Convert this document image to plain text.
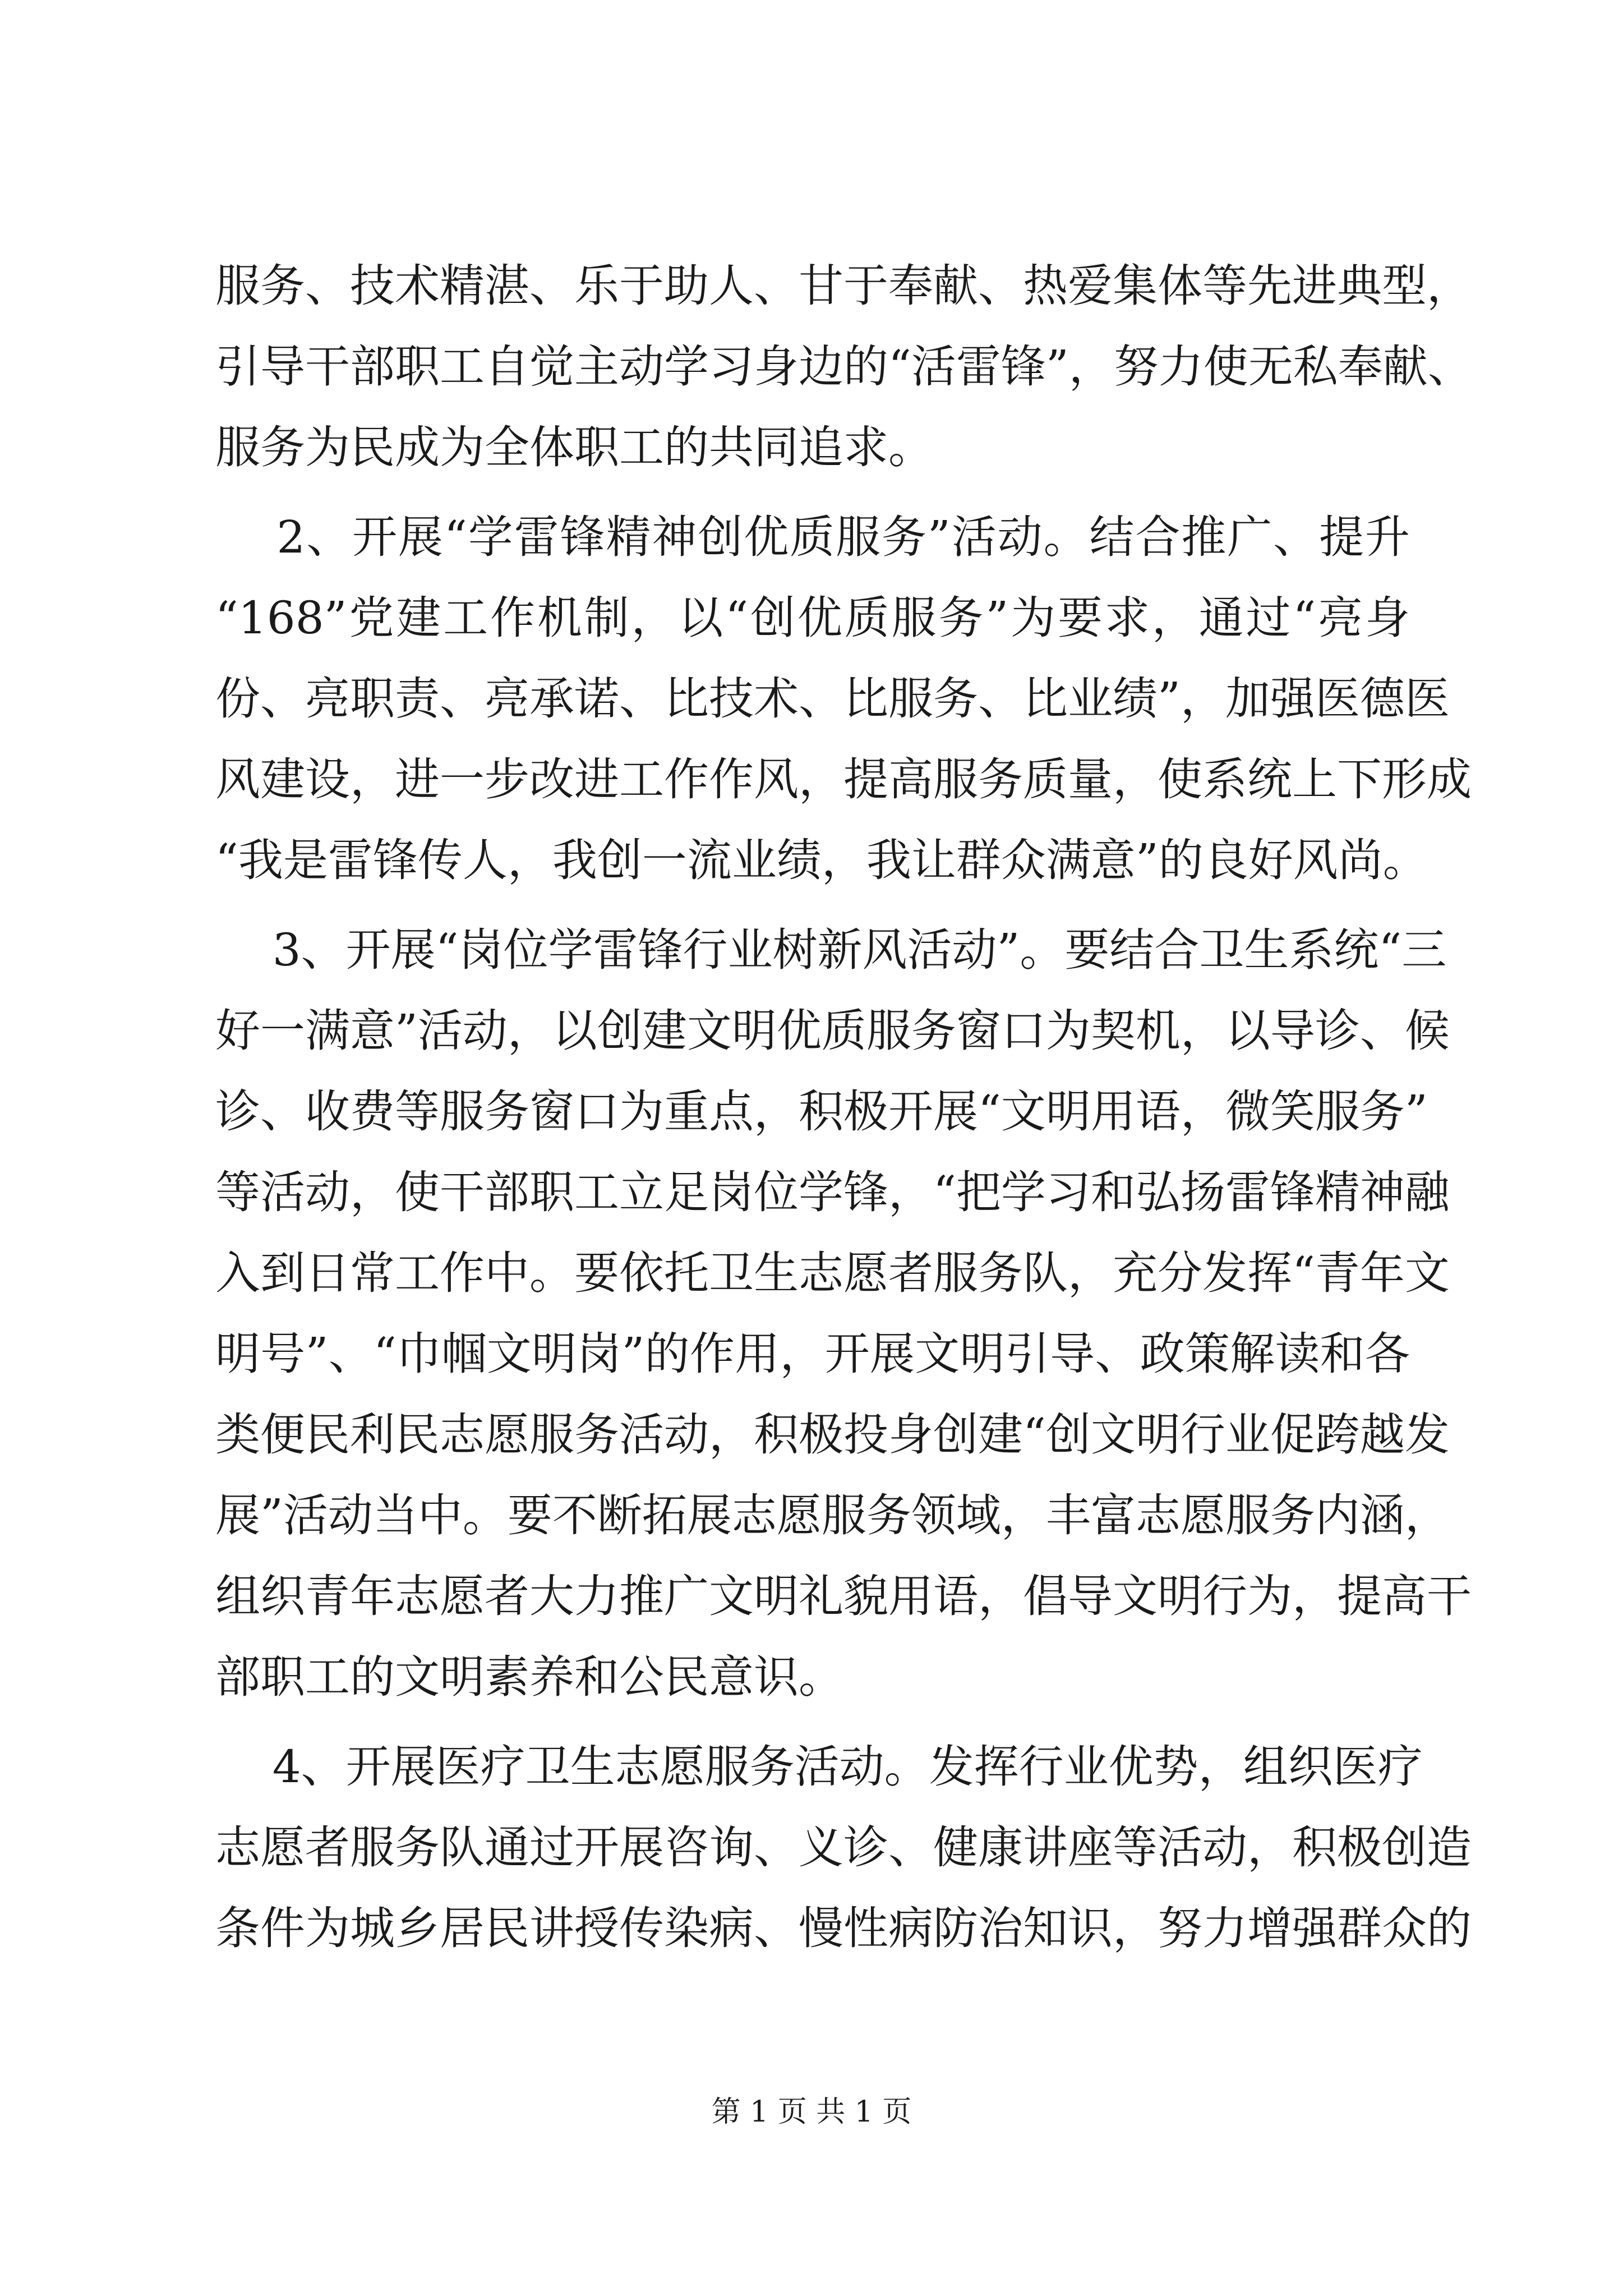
服务、技术精湛、乐于助人、甘于奉献、热爱集体等先进典型，
引导干部职工自觉主动学习身边的“活雷锋”，努力使无私奉献、
服务为民成为全体职工的共同追求。
2、开展“学雷锋精神创优质服务”活动。结合推广、提升
“168”党建工作机制，以“创优质服务”为要求，通过“亮身
份、亮职责、亮承诺、比技术、比服务、比业绩”，加强医德医
风建设，进一步改进工作作风，提高服务质量，使系统上下形成
“我是雷锋传人，我创一流业绩，我让群众满意”的良好风尚。
3、开展“岗位学雷锋行业树新风活动”。要结合卫生系统“三
好一满意”活动，以创建文明优质服务窗口为契机，以导诊、候
诊、收费等服务窗口为重点，积极开展“文明用语，微笑服务”
等活动，使干部职工立足岗位学锋，“把学习和弘扬雷锋精神融
入到日常工作中。要依托卫生志愿者服务队，充分发挥“青年文
明号”、“巾帼文明岗”的作用，开展文明引导、政策解读和各
类便民利民志愿服务活动，积极投身创建“创文明行业促跨越发
展”活动当中。要不断拓展志愿服务领域，丰富志愿服务内涵，
组织青年志愿者大力推广文明礼貌用语，倡导文明行为，提高干
部职工的文明素养和公民意识。
4、开展医疗卫生志愿服务活动。发挥行业优势，组织医疗
志愿者服务队通过开展咨询、义诊、健康讲座等活动，积极创造
条件为城乡居民讲授传染病、慢性病防治知识，努力增强群众的
第 1 页 共 1 页
